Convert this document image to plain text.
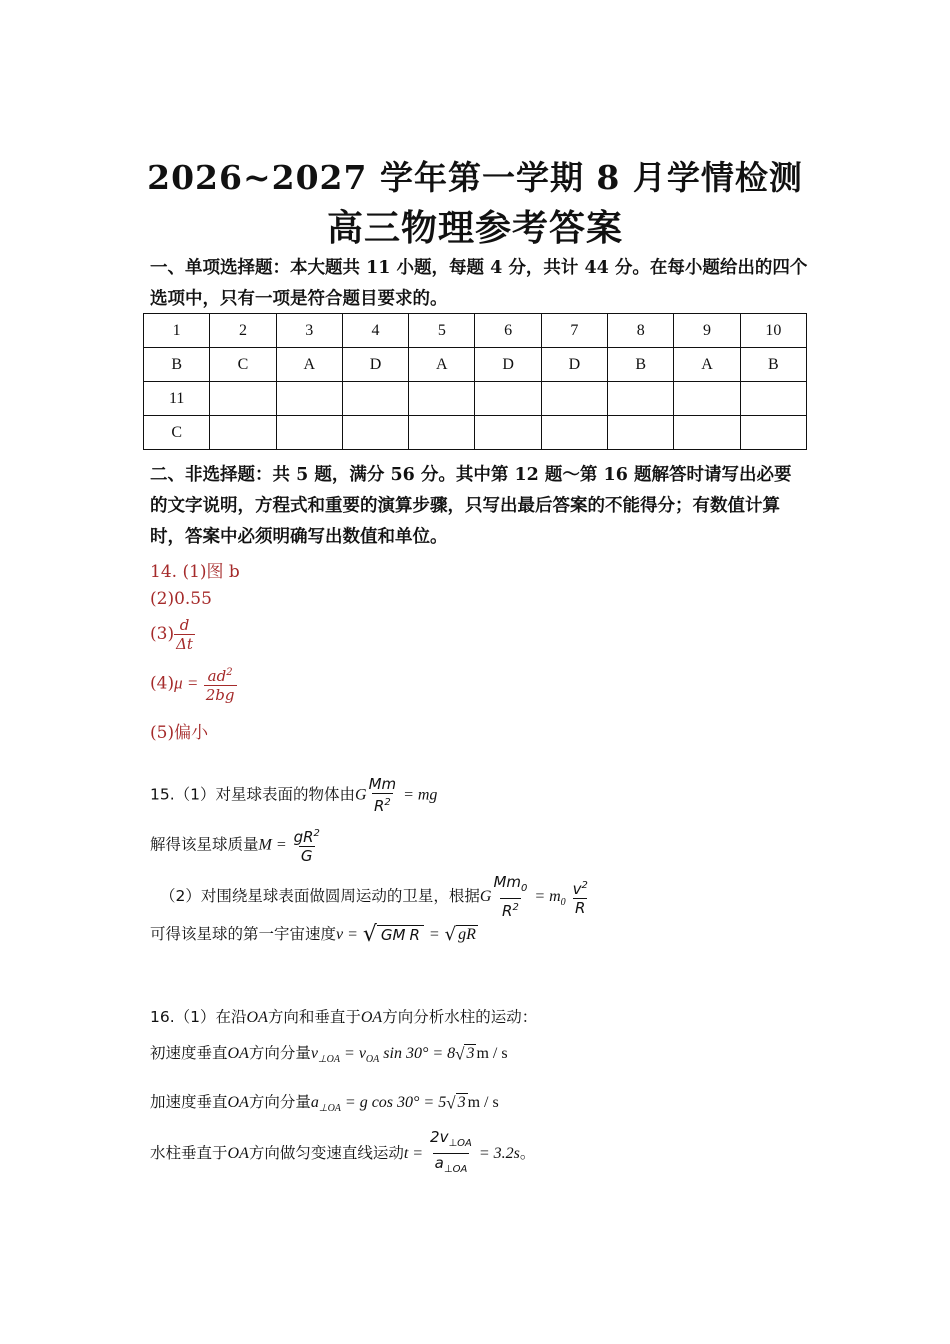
2026~2027 学年第一学期 8 月学情检测
高三物理参考答案
一、单项选择题：本大题共 11 小题，每题 4 分，共计 44 分。在每小题给出的四个选项中，只有一项是符合题目要求的。
1	2	3	4	5	6	7	8	9	10
B	C	A	D	A	D	D	B	A	B
11									
C									
二、非选择题：共 5 题，满分 56 分。其中第 12 题～第 16 题解答时请写出必要的文字说明，方程式和重要的演算步骤，只写出最后答案的不能得分；有数值计算时，答案中必须明确写出数值和单位。
14. (1)图 b
(2)0.55
$(3) \frac{d}{\Delta t}$
$(4)\mu = \frac{ad^2}{2bg}$
(5)偏小
15.（1）对星球表面的物体由G $\frac{Mm}{R^2}$ = mg
解得该星球质量$M = \frac{gR^2}{G}$
（2）对围绕星球表面做圆周运动的卫星，根据G $\frac{Mm_0}{R^2} = m_0 \frac{v^2}{R}$
可得该星球的第一宇宙速度v = √ GM R = √ gR
16.（1）在沿OA方向和垂直于OA方向分析水柱的运动：
初速度垂直OA方向分量$v_{\perp OA} = v_{OA}$ sin 30° = 8√ 3 m / s
加速度垂直OA方向分量$a_{\perp OA} = g$ cos 30° = 5√ 3 m / s
水柱垂直于OA方向做匀变速直线运动$t = \frac{2v_{\perp OA}}{a_{\perp OA}} = 3.2s$。
